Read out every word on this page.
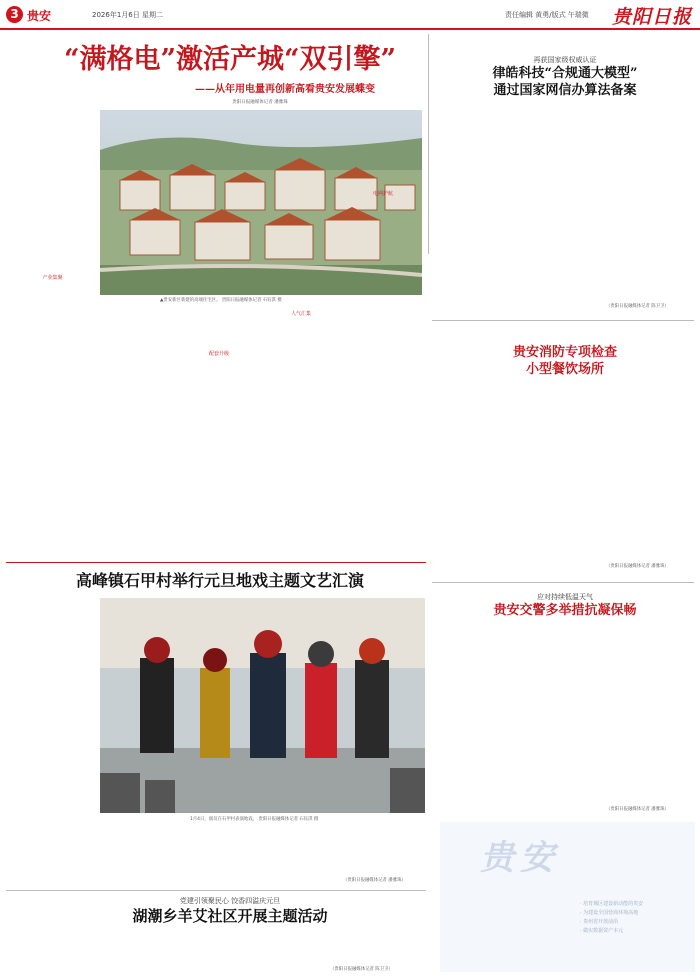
3 贵安	2026年1月6日 星期二	责任编辑 黄勇/版式 午瑞微 贵阳日报
“满格电”激活产城“双引擎”
——从年用电量再创新高看贵安发展蝶变
贵阳日报融媒体记者 潘雅珠
产业集聚
▲贵安新区新建的高端住宅区。 贵阳日报融媒体记者 石钰淇 摄
配套升级
人气汇集
电网护航
再获国家级权威认证
律皓科技“合规通大模型”
通过国家网信办算法备案
（贵阳日报融媒体记者 陈卫卫）
贵安消防专项检查
小型餐饮场所
（贵阳日报融媒体记者 潘雅珠）
高峰镇石甲村举行元旦地戏主题文艺汇演
1月4日，演员在石甲村表演地戏。 贵阳日报融媒体记者 石钰淇 摄
（贵阳日报融媒体记者 潘雅珠）
应对持续低温天气
贵安交警多举措抗凝保畅
（贵阳日报融媒体记者 潘雅珠）
党建引领聚民心 饺香四溢庆元旦
湖潮乡羊艾社区开展主题活动
（贵阳日报融媒体记者 陈卫卫）
贵安
· 培育城区建设新动能的贵安
· 为建设全国营商环境高地
· 贵州省开放前沿
· 做实数据资产本元
